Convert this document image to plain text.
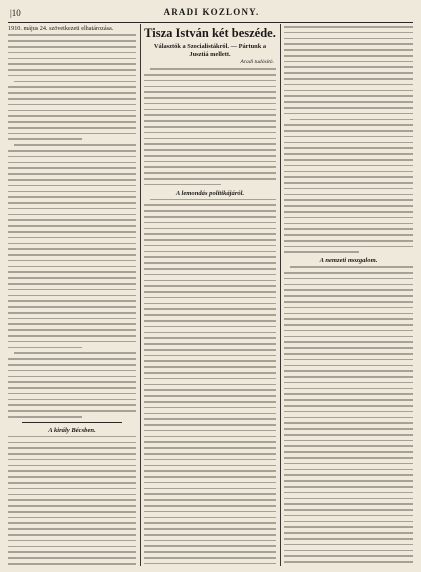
|10	ARADI KOZLONY.
1910. május 24. szövetkezeti elhatározása.
A király Bécsben.
Tisza István két beszéde.
Választók a Szocialistákról. — Pártunk a Jusztiá mellett.
Aradi tudósító.
A lemondás politikájáról.
A nemzeti mozgalom.
